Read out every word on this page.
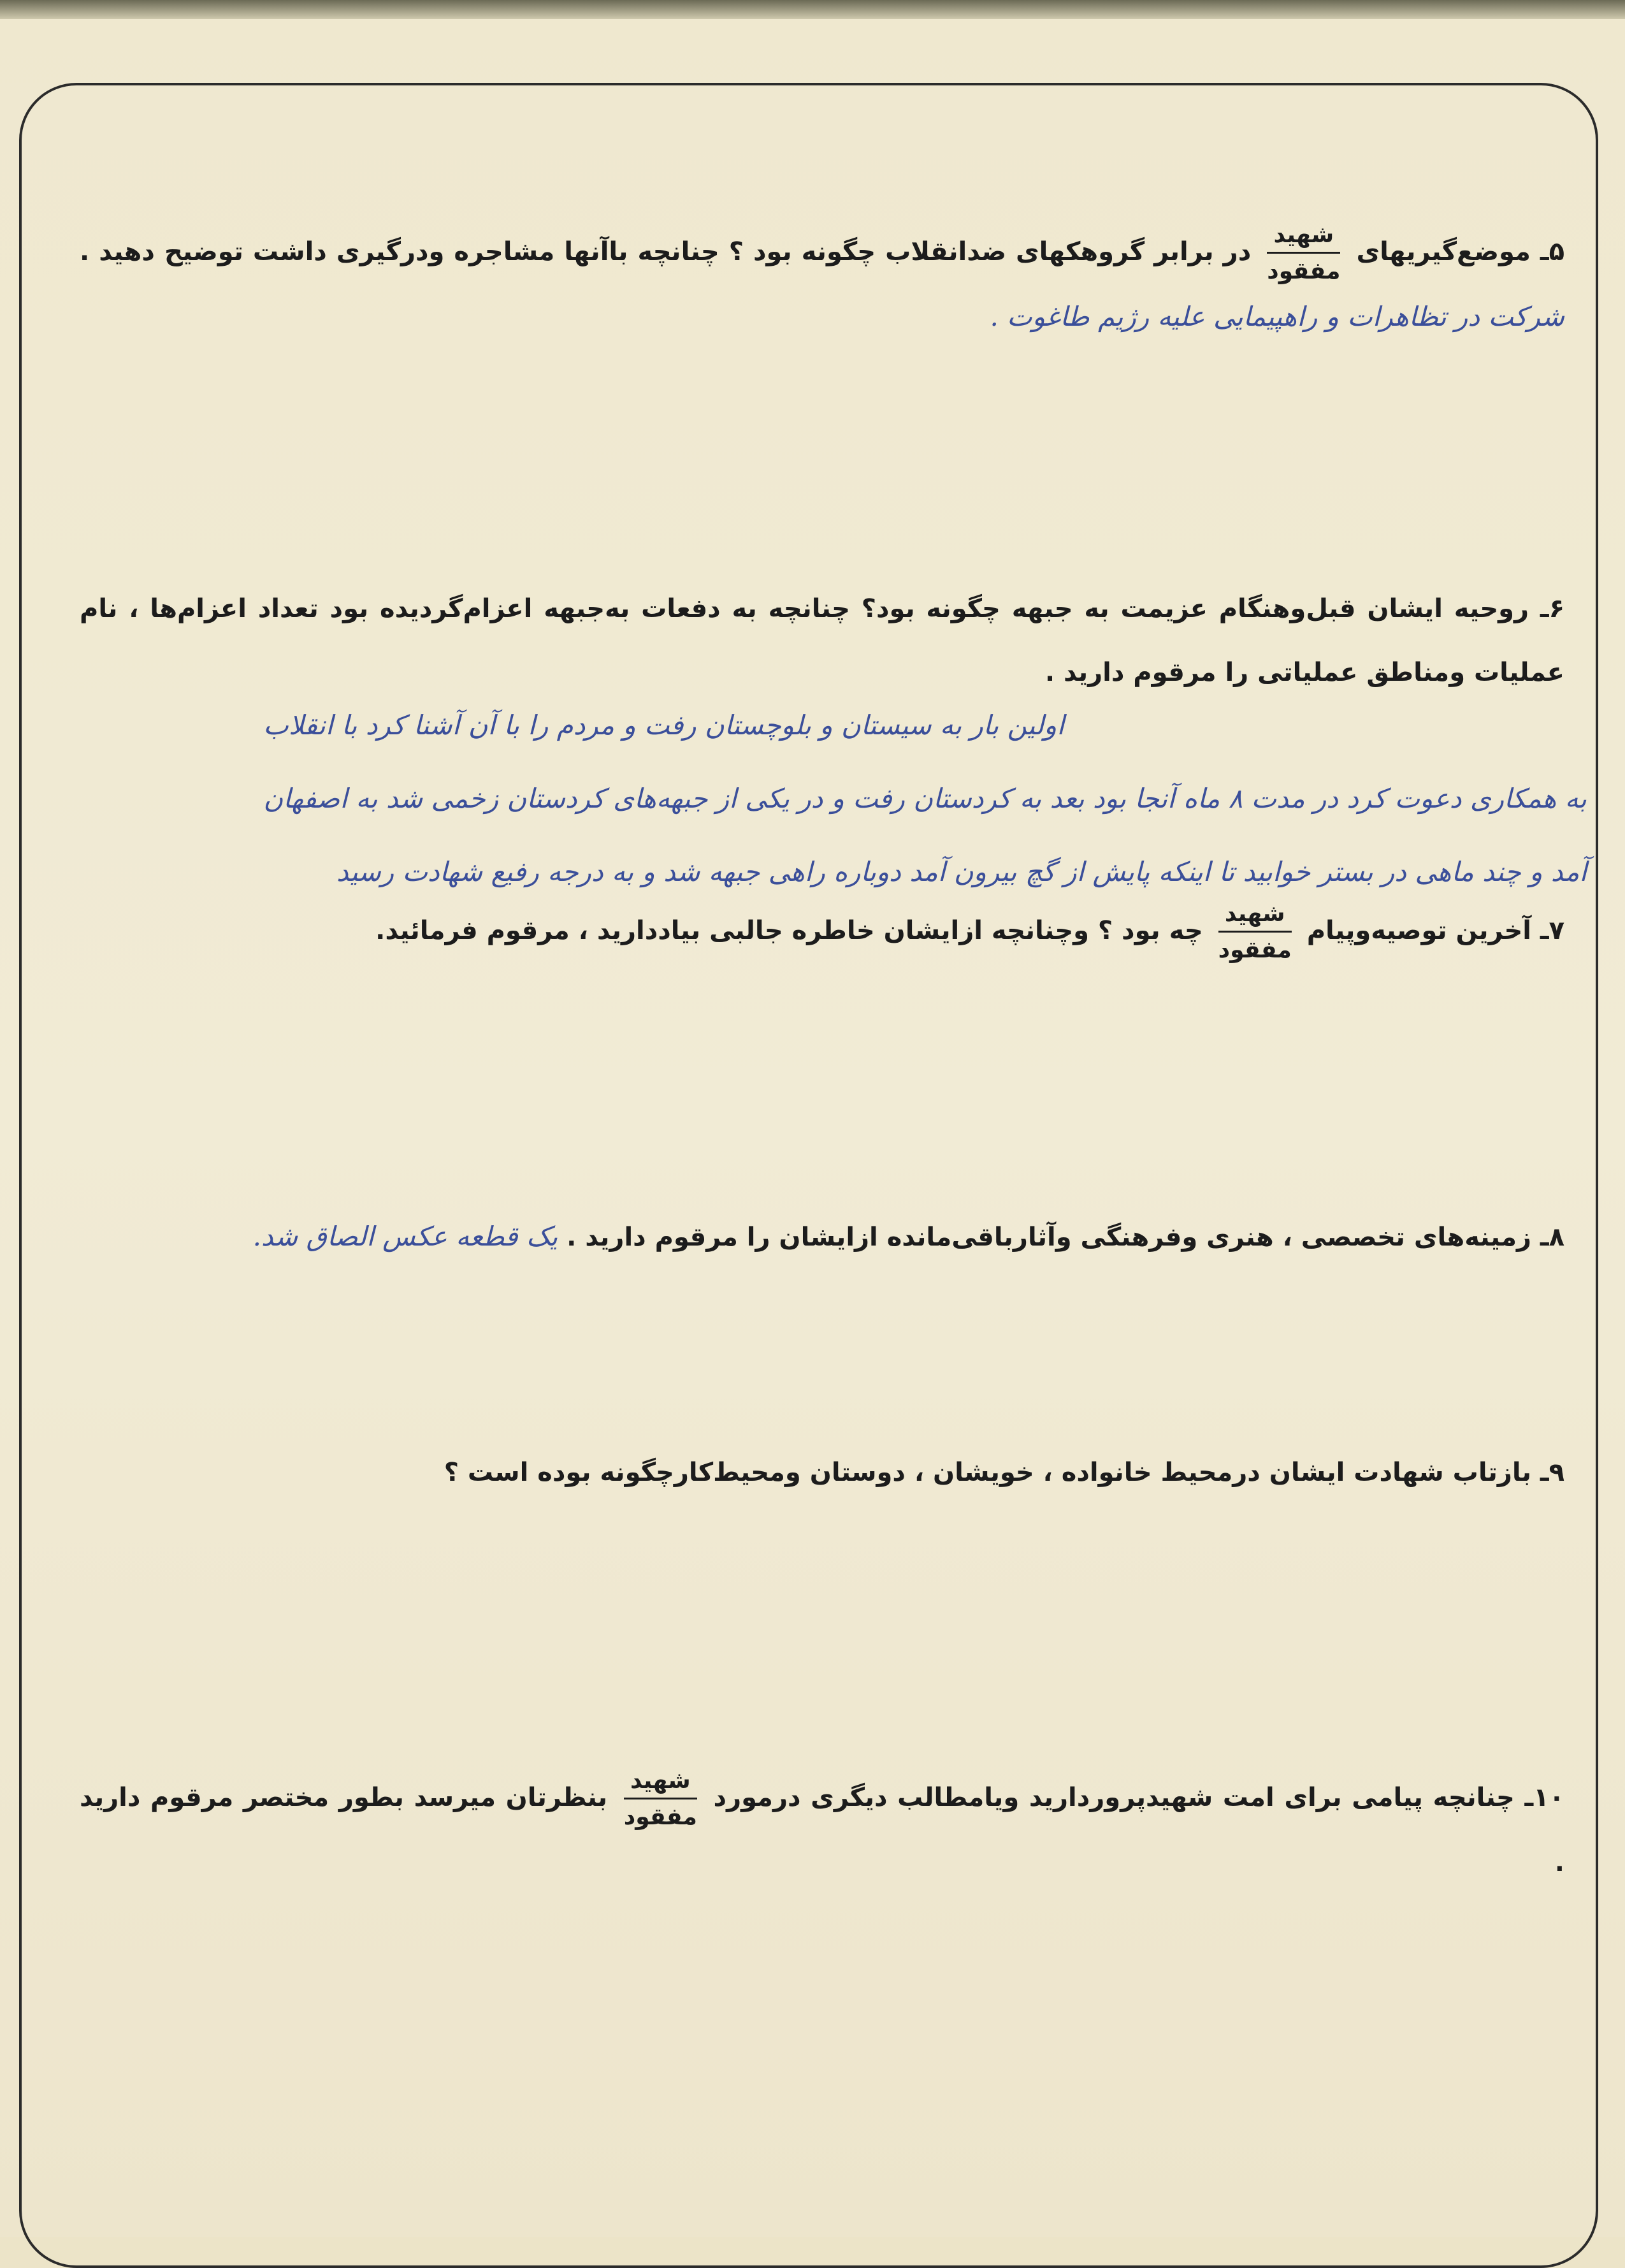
۵ـ موضع‌گیریهای
$\frac{\text{شهید}}{\text{مفقود}}$
در برابر گروهکهای ضدانقلاب چگونه بود ؟ چنانچه باآنها مشاجره ودرگیری داشت توضیح دهید . شرکت در تظاهرات و راهپیمایی علیه رژیم طاغوت .
۶ـ روحیه ایشان قبل‌وهنگام عزیمت به جبهه چگونه بود؟ چنانچه به دفعات به‌جبهه اعزام‌گردیده بود تعداد اعزام‌ها ، نام عملیات ومناطق عملیاتی را مرقوم دارید .
اولین بار به سیستان و بلوچستان رفت و مردم را با آن آشنا کرد با انقلاب
به همکاری دعوت کرد در مدت ۸ ماه آنجا بود بعد به کردستان رفت و در یکی از جبهه‌های کردستان زخمی شد به اصفهان
آمد و چند ماهی در بستر خوابید تا اینکه پایش از گچ بیرون آمد دوباره راهی جبهه شد و به درجه رفیع شهادت رسید
۷ـ آخرین توصیه‌وپیام
$\frac{\text{شهید}}{\text{مفقود}}$
چه بود ؟ وچنانچه ازایشان خاطره جالبی بیاددارید ، مرقوم فرمائید.
۸ـ زمینه‌های تخصصی ، هنری وفرهنگی وآثارباقی‌مانده ازایشان را مرقوم دارید . یک قطعه عکس الصاق شد.
۹ـ بازتاب شهادت ایشان درمحیط خانواده ، خویشان ، دوستان ومحیط‌کارچگونه بوده است ؟
۱۰ـ چنانچه پیامی برای امت شهیدپروردارید ویامطالب دیگری درمورد
$\frac{\text{شهید}}{\text{مفقود}}$
بنظرتان میرسد بطور مختصر مرقوم دارید .
